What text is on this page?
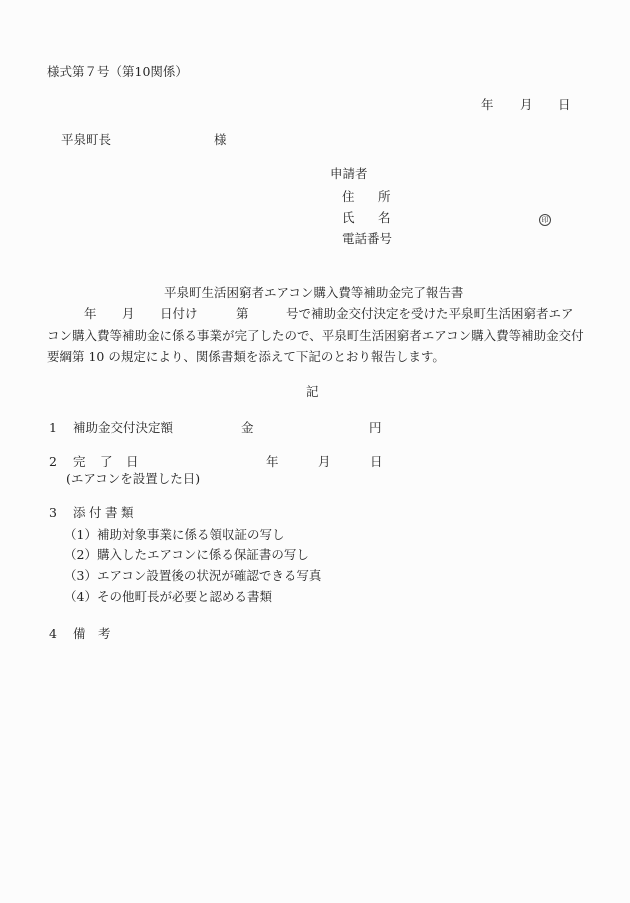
様式第７号（第10関係）
年 月 日
平泉町長	様
申請者
住 所
氏 名	印
電話番号
平泉町生活困窮者エアコン購入費等補助金完了報告書
年 月 日付け	第	号で補助金交付決定を受けた平泉町生活困窮者エア
コン購入費等補助金に係る事業が完了したので、平泉町生活困窮者エアコン購入費等補助金交付
要綱第 10 の規定により、関係書類を添えて下記のとおり報告します。
記
1 補助金交付決定額	金	円
2 完 了 日	年	月	日
(エアコンを設置した日)
3 添 付 書 類
（1）補助対象事業に係る領収証の写し
（2）購入したエアコンに係る保証書の写し
（3）エアコン設置後の状況が確認できる写真
（4）その他町長が必要と認める書類
4 備 考
